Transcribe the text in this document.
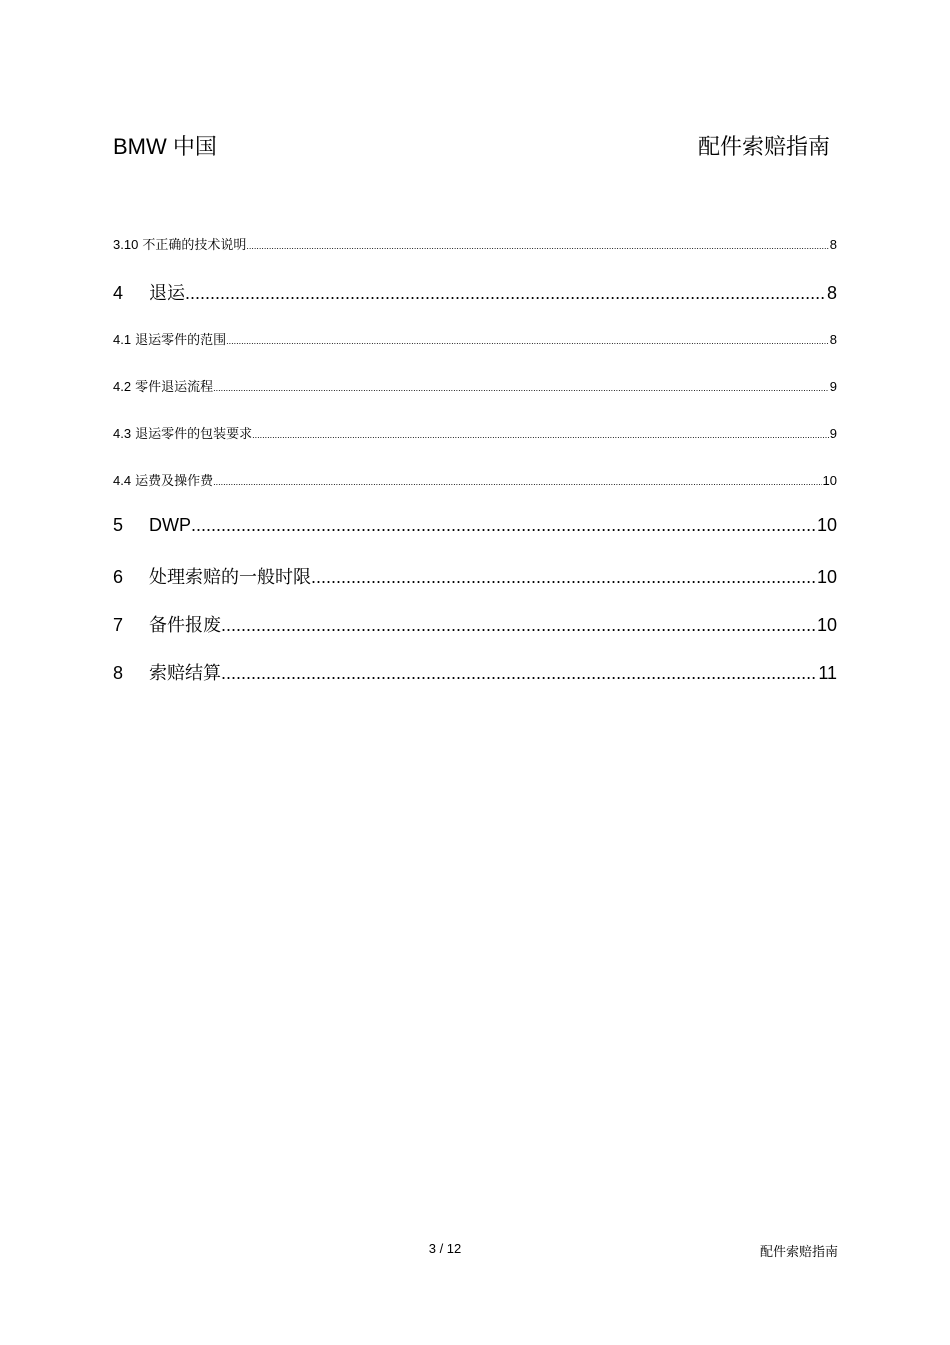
BMW 中国	配件索赔指南
3.10 不正确的技术说明 .....	8
4	退运 .....	8
4.1 退运零件的范围 .....	8
4.2 零件退运流程 .....	9
4.3 退运零件的包装要求 .....	9
4.4 运费及操作费 .....	10
5	DWP .....	10
6	处理索赔的一般时限 .....	10
7	备件报废 .....	10
8	索赔结算 .....	11
3 / 12	配件索赔指南
